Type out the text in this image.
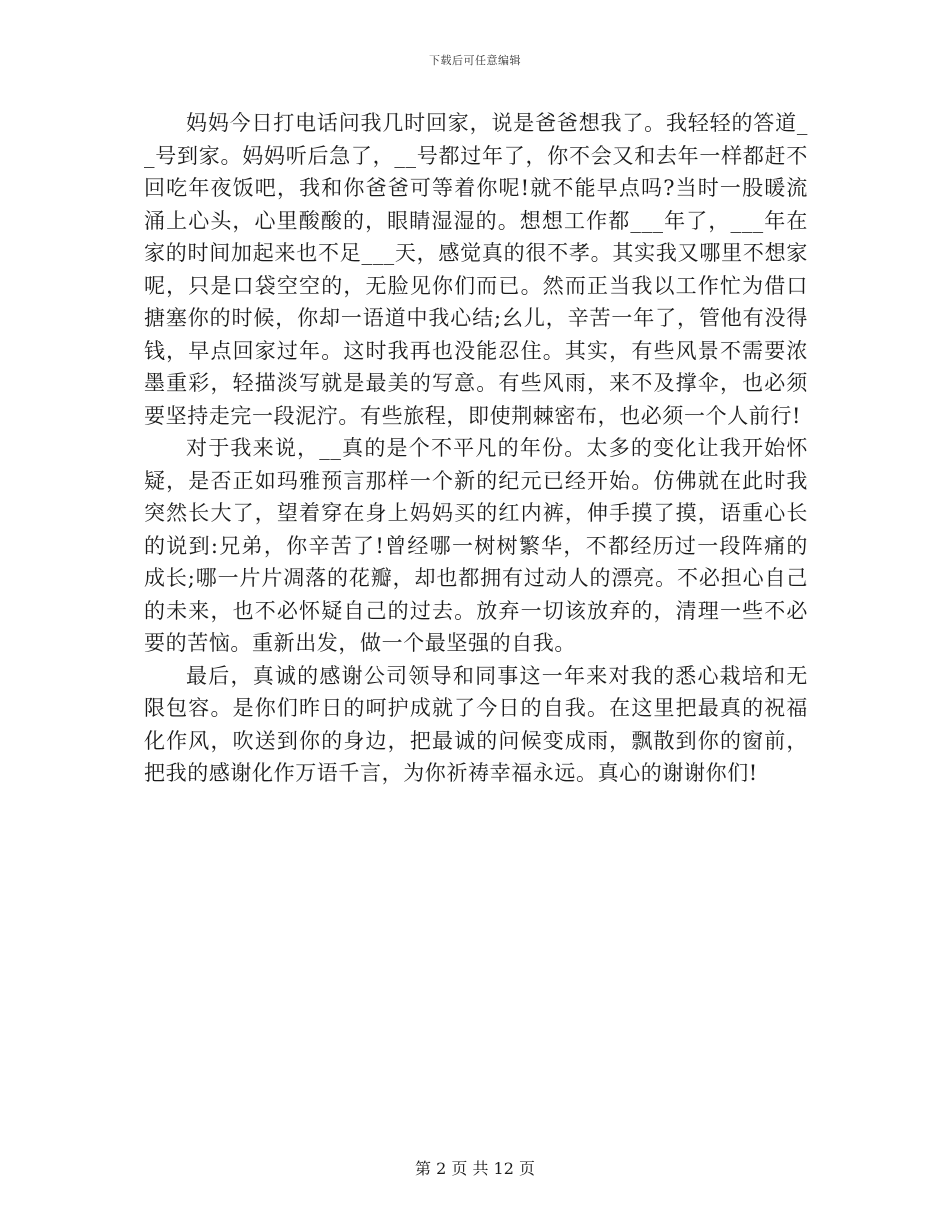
下载后可任意编辑

妈妈今日打电话问我几时回家，说是爸爸想我了。我轻轻的答道__号到家。妈妈听后急了，__号都过年了，你不会又和去年一样都赶不回吃年夜饭吧，我和你爸爸可等着你呢!就不能早点吗?当时一股暖流涌上心头，心里酸酸的，眼睛湿湿的。想想工作都___年了，___年在家的时间加起来也不足___天，感觉真的很不孝。其实我又哪里不想家呢，只是口袋空空的，无脸见你们而已。然而正当我以工作忙为借口搪塞你的时候，你却一语道中我心结;幺儿，辛苦一年了，管他有没得钱，早点回家过年。这时我再也没能忍住。其实，有些风景不需要浓墨重彩，轻描淡写就是最美的写意。有些风雨，来不及撑伞，也必须要坚持走完一段泥泞。有些旅程，即使荆棘密布，也必须一个人前行!

对于我来说，__真的是个不平凡的年份。太多的变化让我开始怀疑，是否正如玛雅预言那样一个新的纪元已经开始。仿佛就在此时我突然长大了，望着穿在身上妈妈买的红内裤，伸手摸了摸，语重心长的说到:兄弟，你辛苦了!曾经哪一树树繁华，不都经历过一段阵痛的成长;哪一片片凋落的花瓣，却也都拥有过动人的漂亮。不必担心自己的未来，也不必怀疑自己的过去。放弃一切该放弃的，清理一些不必要的苦恼。重新出发，做一个最坚强的自我。

最后，真诚的感谢公司领导和同事这一年来对我的悉心栽培和无限包容。是你们昨日的呵护成就了今日的自我。在这里把最真的祝福化作风，吹送到你的身边，把最诚的问候变成雨，飘散到你的窗前，把我的感谢化作万语千言，为你祈祷幸福永远。真心的谢谢你们!

第 2 页 共 12 页
